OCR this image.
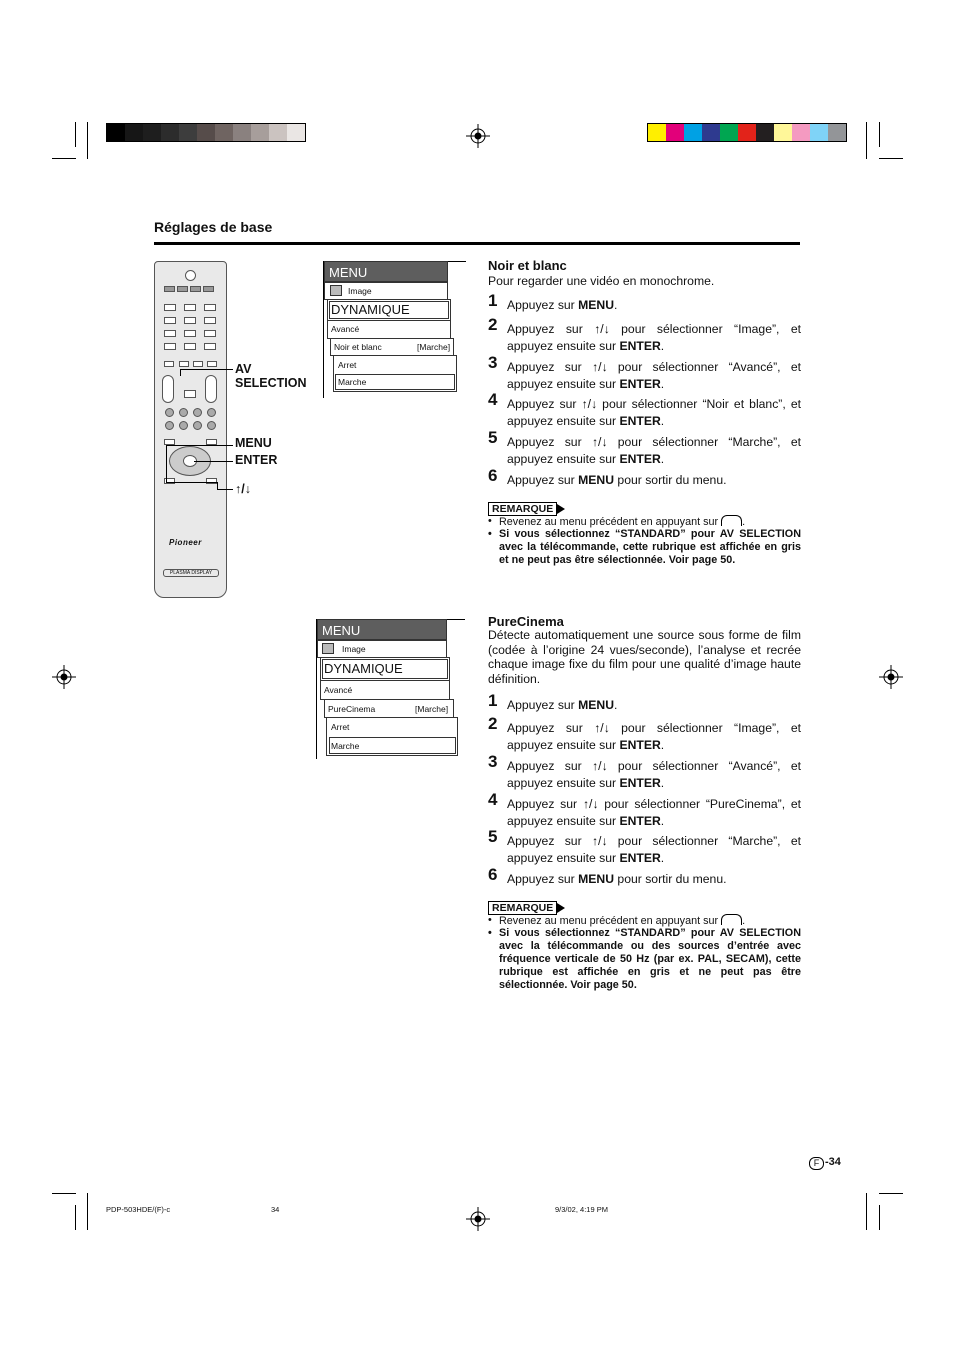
Réglages de base
Pioneer
PLASMA DISPLAY
AV
SELECTION
MENU
ENTER
↑/↓
MENU
Image
DYNAMIQUE
Avancé
Noir et blanc	[Marche]
Arret
Marche
MENU
Image
DYNAMIQUE
Avancé
PureCinema	[Marche]
Arret
Marche
Noir et blanc
Pour regarder une vidéo en monochrome.
1 Appuyez sur MENU.
2 Appuyez sur ↑/↓ pour sélectionner “Image”, et appuyez ensuite sur ENTER.
3 Appuyez sur ↑/↓ pour sélectionner “Avancé”, et appuyez ensuite sur ENTER.
4 Appuyez sur ↑/↓ pour sélectionner “Noir et blanc”, et appuyez ensuite sur ENTER.
5 Appuyez sur ↑/↓ pour sélectionner “Marche”, et appuyez ensuite sur ENTER.
6 Appuyez sur MENU pour sortir du menu.
REMARQUE
• Revenez au menu précédent en appuyant sur .
• Si vous sélectionnez “STANDARD” pour AV SELECTION avec la télécommande, cette rubrique est affichée en gris et ne peut pas être sélectionnée. Voir page 50.
PureCinema
Détecte automatiquement une source sous forme de film (codée à l’origine 24 vues/seconde), l’analyse et recrée chaque image fixe du film pour une qualité d’image haute définition.
1 Appuyez sur MENU.
2 Appuyez sur ↑/↓ pour sélectionner “Image”, et appuyez ensuite sur ENTER.
3 Appuyez sur ↑/↓ pour sélectionner “Avancé”, et appuyez ensuite sur ENTER.
4 Appuyez sur ↑/↓ pour sélectionner “PureCinema”, et appuyez ensuite sur ENTER.
5 Appuyez sur ↑/↓ pour sélectionner “Marche”, et appuyez ensuite sur ENTER.
6 Appuyez sur MENU pour sortir du menu.
REMARQUE
• Revenez au menu précédent en appuyant sur .
• Si vous sélectionnez “STANDARD” pour AV SELECTION avec la télécommande ou des sources d’entrée avec fréquence verticale de 50 Hz (par ex. PAL, SECAM), cette rubrique est affichée en gris et ne peut pas être sélectionnée. Voir page 50.
F -34
PDP-503HDE/(F)-c	34	9/3/02, 4:19 PM
